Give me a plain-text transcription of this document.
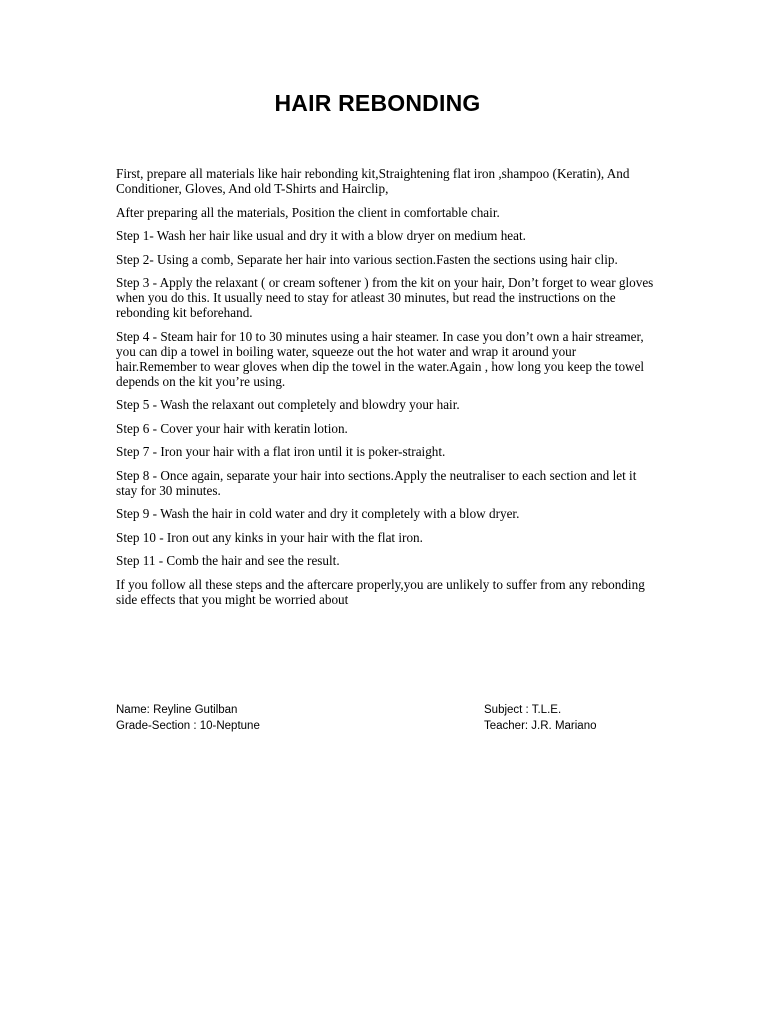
HAIR REBONDING

First, prepare all materials like hair rebonding kit,Straightening flat iron ,shampoo (Keratin), And Conditioner, Gloves, And old T-Shirts and Hairclip,

After preparing all the materials, Position the client in comfortable chair.

Step 1- Wash her hair like usual and dry it with a blow dryer on medium heat.

Step 2- Using a comb, Separate her hair into various section.Fasten the sections using hair clip.

Step 3 - Apply the relaxant ( or cream softener ) from the kit on your hair, Don’t forget to wear gloves when you do this. It usually need to stay for atleast 30 minutes, but read the instructions on the rebonding kit beforehand.

Step 4 - Steam hair for 10 to 30 minutes using a hair steamer. In case you don’t own a hair streamer, you can dip a towel in boiling water, squeeze out the hot water and wrap it around your hair.Remember to wear gloves when dip the towel in the water.Again , how long you keep the towel depends on the kit you’re using.

Step 5 - Wash the relaxant out completely and blowdry your hair.

Step 6 - Cover your hair with keratin lotion.

Step 7 - Iron your hair with a flat iron until it is poker-straight.

Step 8 - Once again, separate your hair into sections.Apply the neutraliser to each section and let it stay for 30 minutes.

Step 9 - Wash the hair in cold water and dry it completely with a blow dryer.

Step 10 - Iron out any kinks in your hair with the flat iron.

Step 11 - Comb the hair and see the result.

If you follow all these steps and the aftercare properly,you are unlikely to suffer from any rebonding side effects that you might be worried about

Name: Reyline Gutilban
Grade-Section : 10-Neptune
Subject : T.L.E.
Teacher: J.R. Mariano
